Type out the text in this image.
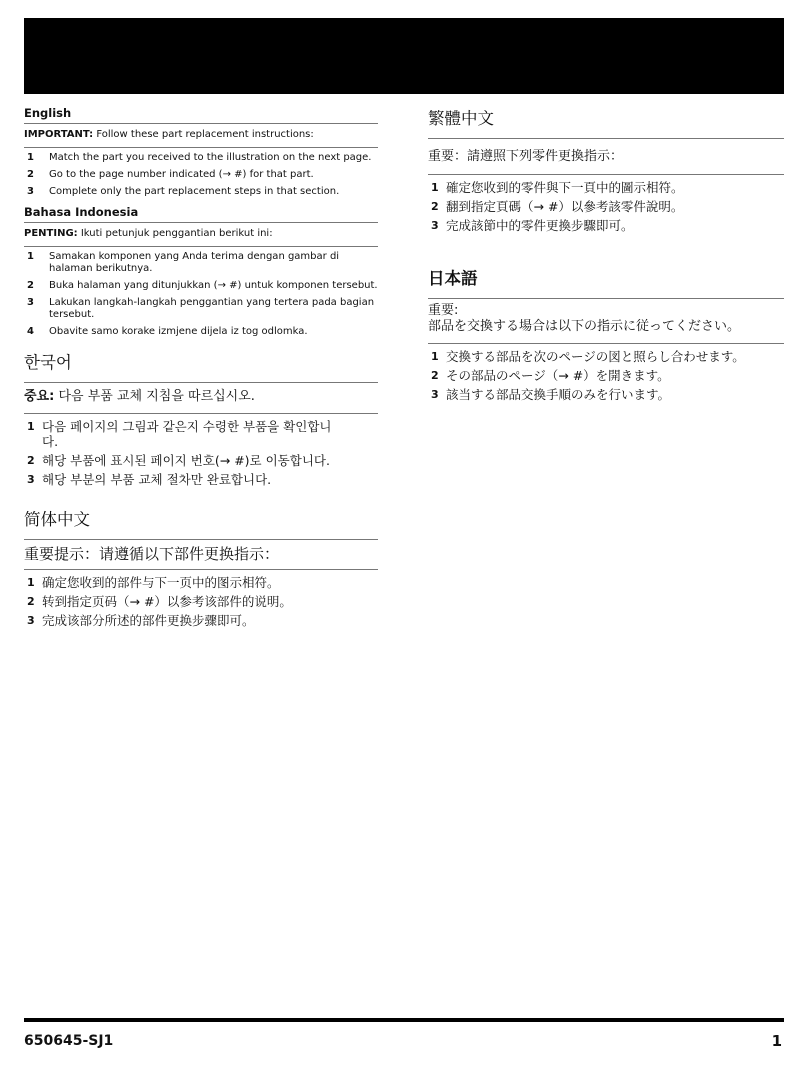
English
IMPORTANT: Follow these part replacement instructions:
1	Match the part you received to the illustration on the next page.
2	Go to the page number indicated (→ #) for that part.
3	Complete only the part replacement steps in that section.
Bahasa Indonesia
PENTING: Ikuti petunjuk penggantian berikut ini:
1	Samakan komponen yang Anda terima dengan gambar di halaman berikutnya.
2	Buka halaman yang ditunjukkan (→ #) untuk komponen tersebut.
3	Lakukan langkah-langkah penggantian yang tertera pada bagian tersebut.
4	Obavite samo korake izmjene dijela iz tog odlomka.
한국어
중요: 다음 부품 교체 지침을 따르십시오.
1 다음 페이지의 그림과 같은지 수령한 부품을 확인합니다.
2 해당 부품에 표시된 페이지 번호(→ #)로 이동합니다.
3 해당 부분의 부품 교체 절차만 완료합니다.
简体中文
重要提示：请遵循以下部件更换指示：
1 确定您收到的部件与下一页中的图示相符。
2 转到指定页码（→ #）以参考该部件的说明。
3 完成该部分所述的部件更换步骤即可。
繁體中文
重要：請遵照下列零件更換指示：
1 確定您收到的零件與下一頁中的圖示相符。
2 翻到指定頁碼（→ #）以參考該零件說明。
3 完成該節中的零件更換步驟即可。
日本語
重要:
部品を交換する場合は以下の指示に従ってください。
1 交換する部品を次のページの図と照らし合わせます。
2 その部品のページ（→ #）を開きます。
3 該当する部品交換手順のみを行います。
650645-SJ1	1
